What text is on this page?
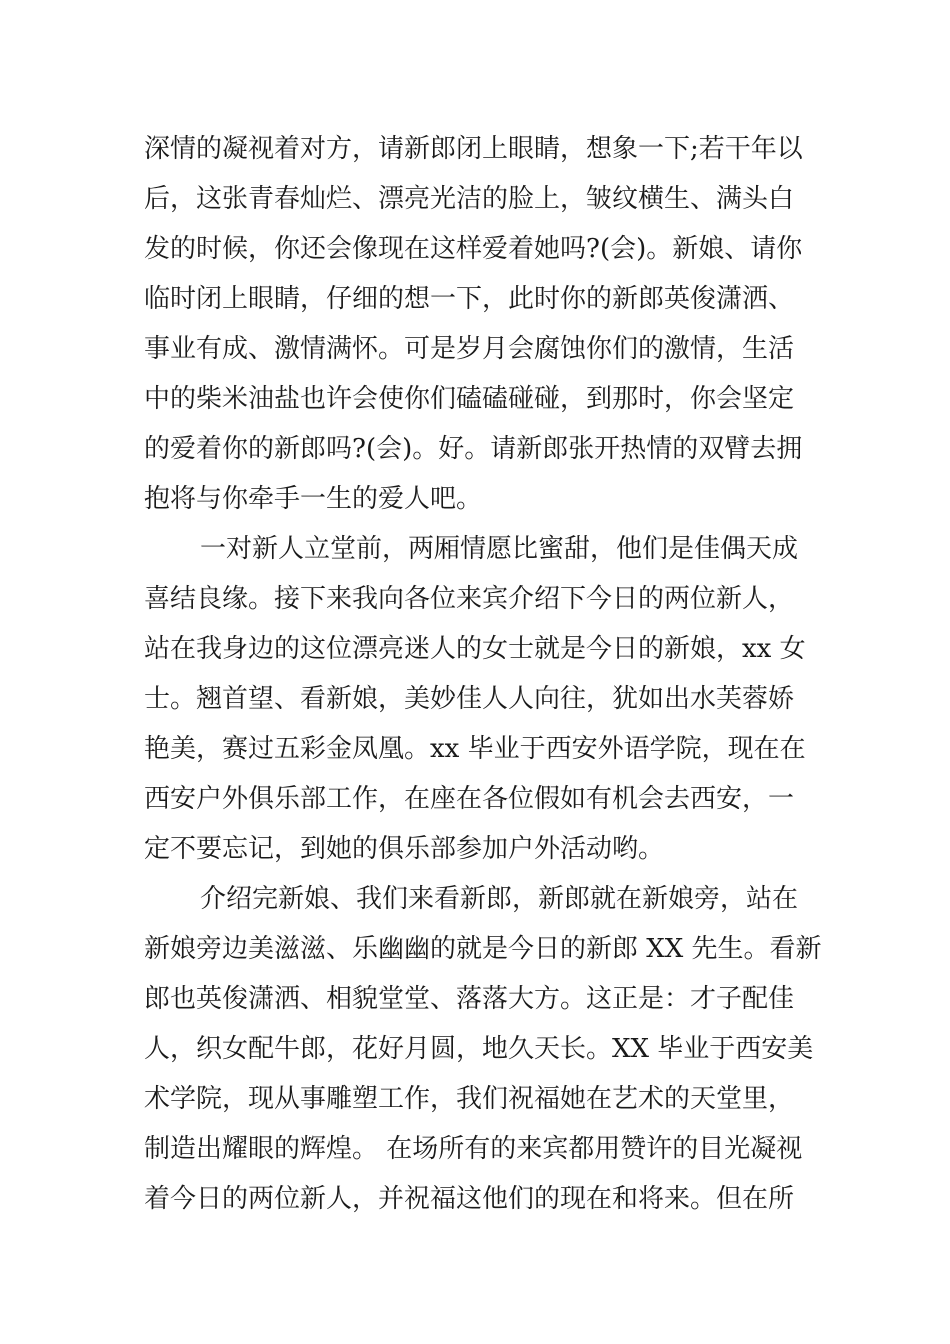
深情的凝视着对方，请新郎闭上眼睛，想象一下;若干年以
后，这张青春灿烂、漂亮光洁的脸上，皱纹横生、满头白
发的时候，你还会像现在这样爱着她吗?(会)。新娘、请你
临时闭上眼睛，仔细的想一下，此时你的新郎英俊潇洒、
事业有成、激情满怀。可是岁月会腐蚀你们的激情，生活
中的柴米油盐也许会使你们磕磕碰碰，到那时，你会坚定
的爱着你的新郎吗?(会)。好。请新郎张开热情的双臂去拥
抱将与你牵手一生的爱人吧。
一对新人立堂前，两厢情愿比蜜甜，他们是佳偶天成
喜结良缘。接下来我向各位来宾介绍下今日的两位新人，
站在我身边的这位漂亮迷人的女士就是今日的新娘，xx 女
士。翘首望、看新娘，美妙佳人人向往，犹如出水芙蓉娇
艳美，赛过五彩金凤凰。xx 毕业于西安外语学院，现在在
西安户外俱乐部工作，在座在各位假如有机会去西安，一
定不要忘记，到她的俱乐部参加户外活动哟。
介绍完新娘、我们来看新郎，新郎就在新娘旁，站在
新娘旁边美滋滋、乐幽幽的就是今日的新郎 XX 先生。看新
郎也英俊潇洒、相貌堂堂、落落大方。这正是：才子配佳
人，织女配牛郎，花好月圆，地久天长。XX 毕业于西安美
术学院，现从事雕塑工作，我们祝福她在艺术的天堂里，
制造出耀眼的辉煌。 在场所有的来宾都用赞许的目光凝视
着今日的两位新人，并祝福这他们的现在和将来。但在所
